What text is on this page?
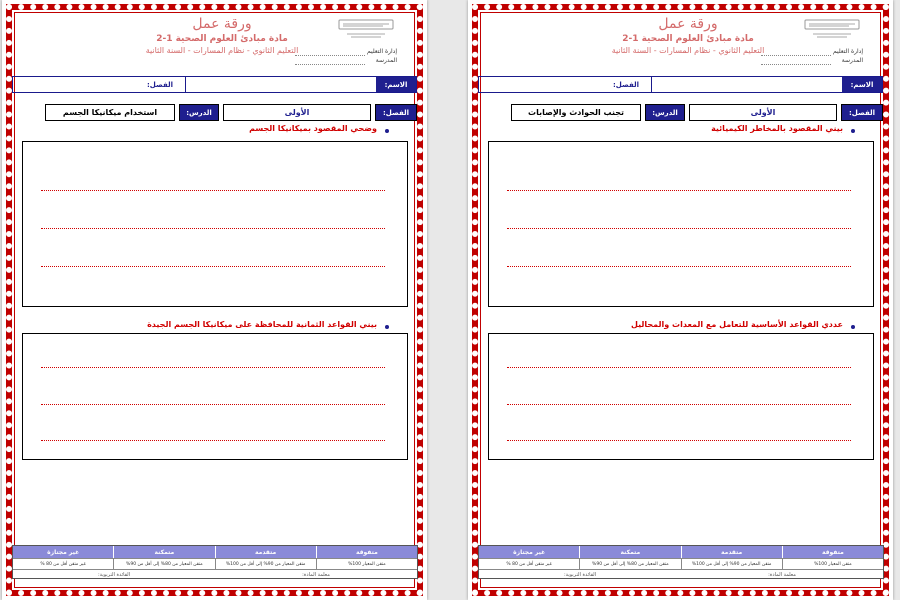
إدارة التعليم
المدرسة
ورقة عمل
مادة مبادئ العلوم الصحية 1-2
التعليم الثانوي - نظام المسارات - السنة الثانية
الاسم:
الفصل:
الفصل:
الأولى
الدرس:
تجنب الحوادث والإصابات
بيني المقصود بالمخاطر الكيميائية
عددي القواعد الأساسية للتعامل مع المعدات والمحاليل
متفوقة
متقدمة
متمكنة
غير مجتازة
متقن المعيار 100%
متقن المعيار من 90% إلى أقل من 100%
متقن المعيار من 80% إلى أقل من 90%
غير متقن أقل من 80 %
معلمة المادة:
القائدة التربوية:
إدارة التعليم
المدرسة
ورقة عمل
مادة مبادئ العلوم الصحية 1-2
التعليم الثانوي - نظام المسارات - السنة الثانية
الاسم:
الفصل:
الفصل:
الأولى
الدرس:
استخدام ميكانيكا الجسم
وضحي المقصود بميكانيكا الجسم
بيني القواعد الثمانية للمحافظة على ميكانيكا الجسم الجيدة
متفوقة
متقدمة
متمكنة
غير مجتازة
متقن المعيار 100%
متقن المعيار من 90% إلى أقل من 100%
متقن المعيار من 80% إلى أقل من 90%
غير متقن أقل من 80 %
معلمة المادة:
القائدة التربوية:
